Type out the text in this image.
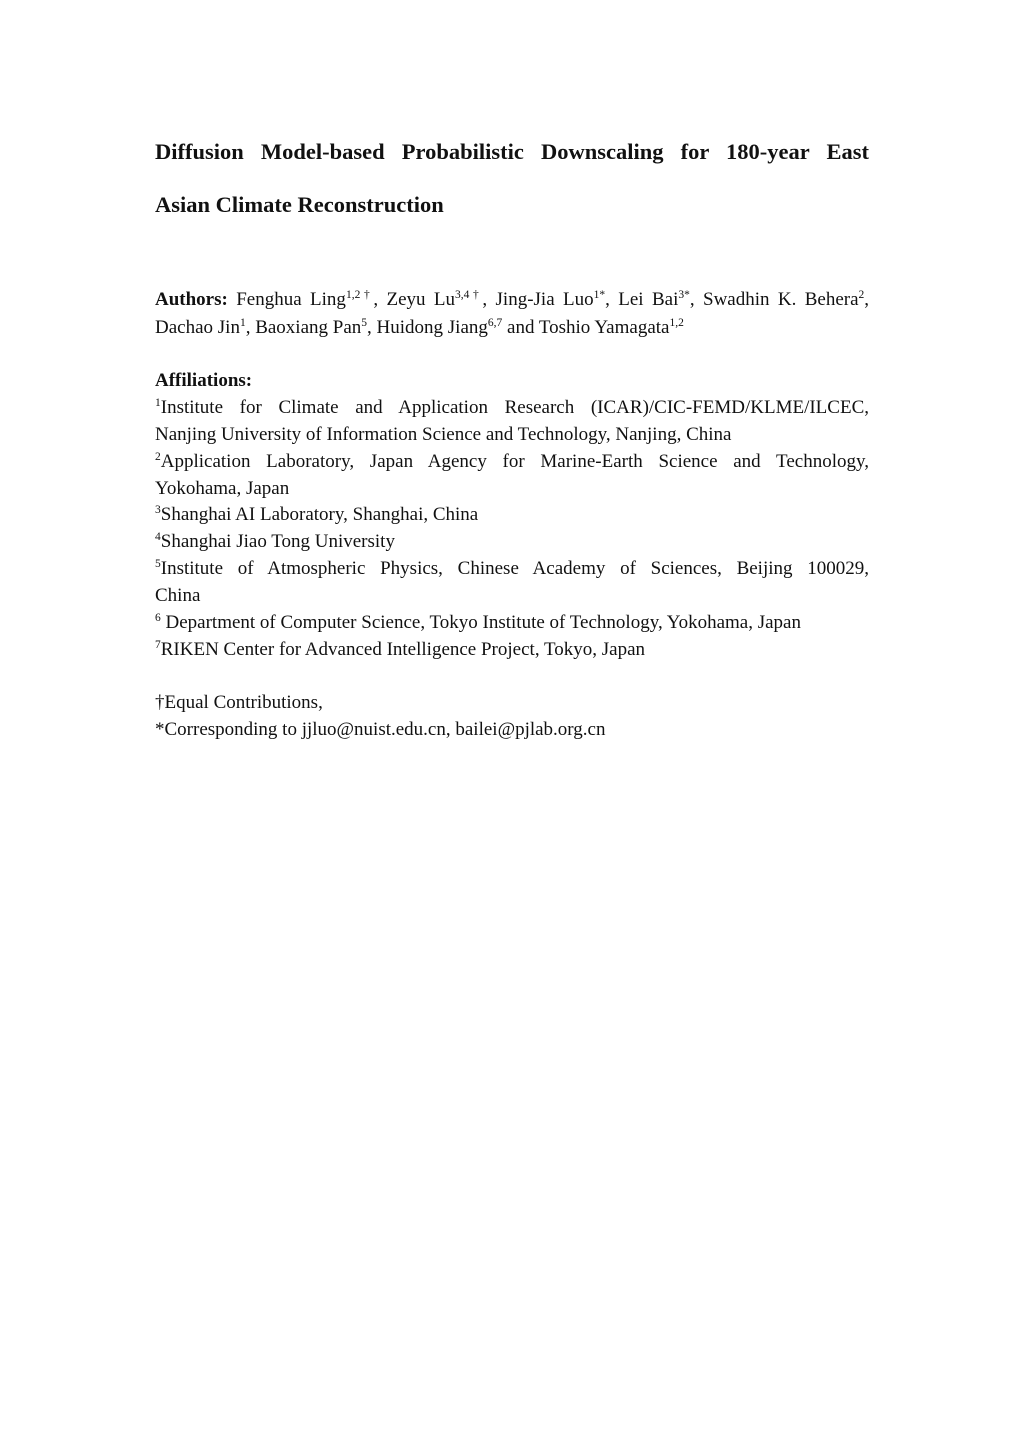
Diffusion Model-based Probabilistic Downscaling for 180-year East
Asian Climate Reconstruction
Authors: Fenghua Ling$^{1,2\dagger}$, Zeyu $Lu^{3,4\dagger}$, Jing-Jia Luo$^{1*}$, Lei Bai$^{3*}$, Swadhin K. Behera$^2$,
Dachao Jin$^1$, Baoxiang Pan$^5$, Huidong Jiang$^{6,7}$ and Toshio Yamagata$^{1,2}$
Affiliations:
$^1$Institute for Climate and Application Research (ICAR)/CIC-FEMD/KLME/ILCEC,
Nanjing University of Information Science and Technology, Nanjing, China
$^2$Application Laboratory, Japan Agency for Marine-Earth Science and Technology,
Yokohama, Japan
$^3$Shanghai AI Laboratory, Shanghai, China
$^4$Shanghai Jiao Tong University
$^5$Institute of Atmospheric Physics, Chinese Academy of Sciences, Beijing 100029,
China
$^6$ Department of Computer Science, Tokyo Institute of Technology, Yokohama, Japan
$^7$RIKEN Center for Advanced Intelligence Project, Tokyo, Japan
†Equal Contributions,
*Corresponding to jjluo@nuist.edu.cn, bailei@pjlab.org.cn
